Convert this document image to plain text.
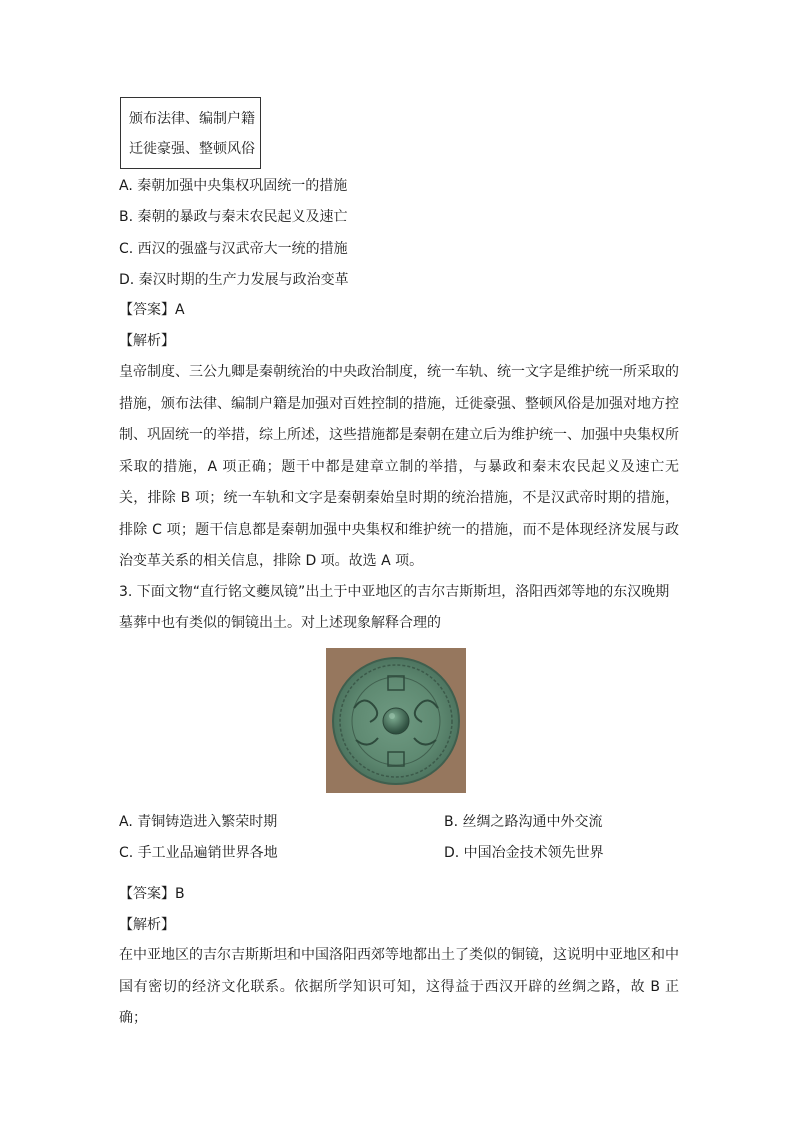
颁布法律、编制户籍
迁徙豪强、整顿风俗
A. 秦朝加强中央集权巩固统一的措施
B. 秦朝的暴政与秦末农民起义及速亡
C. 西汉的强盛与汉武帝大一统的措施
D. 秦汉时期的生产力发展与政治变革
【答案】A
【解析】
皇帝制度、三公九卿是秦朝统治的中央政治制度，统一车轨、统一文字是维护统一所采取的措施，颁布法律、编制户籍是加强对百姓控制的措施，迁徙豪强、整顿风俗是加强对地方控制、巩固统一的举措，综上所述，这些措施都是秦朝在建立后为维护统一、加强中央集权所采取的措施，A 项正确；题干中都是建章立制的举措，与暴政和秦末农民起义及速亡无关，排除 B 项；统一车轨和文字是秦朝秦始皇时期的统治措施，不是汉武帝时期的措施，排除 C 项；题干信息都是秦朝加强中央集权和维护统一的措施，而不是体现经济发展与政治变革关系的相关信息，排除 D 项。故选 A 项。
3. 下面文物“直行铭文夔凤镜”出土于中亚地区的吉尔吉斯斯坦，洛阳西郊等地的东汉晚期
墓葬中也有类似的铜镜出土。对上述现象解释合理的
A. 青铜铸造进入繁荣时期	B. 丝绸之路沟通中外交流
C. 手工业品遍销世界各地	D. 中国冶金技术领先世界
【答案】B
【解析】
在中亚地区的吉尔吉斯斯坦和中国洛阳西郊等地都出土了类似的铜镜，这说明中亚地区和中国有密切的经济文化联系。依据所学知识可知，这得益于西汉开辟的丝绸之路，故 B 正确；
